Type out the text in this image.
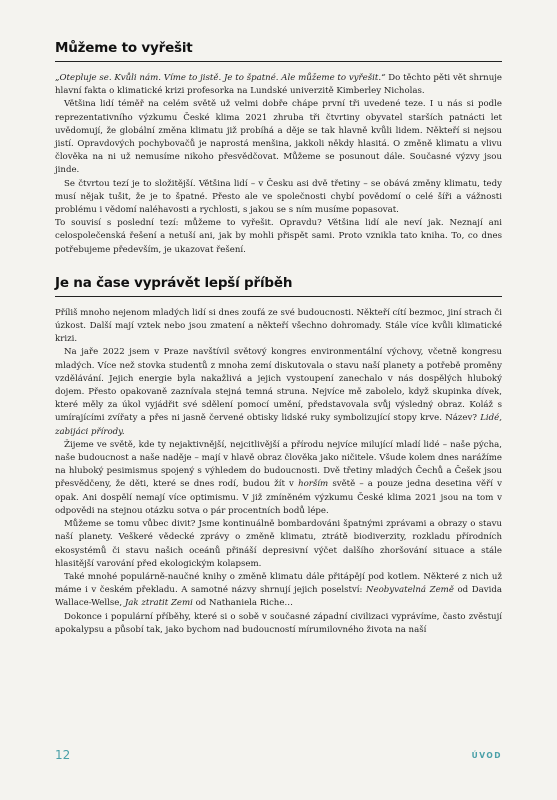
Můžeme to vyřešit

„Otepluje se. Kvůli nám. Víme to jistě. Je to špatné. Ale můžeme to vyřešit.“ Do těchto pěti vět shrnuje hlavní fakta o klimatické krizi profesorka na Lundské univerzitě Kimberley Nicholas.

Většina lidí téměř na celém světě už velmi dobře chápe první tři uvedené teze. I u nás si podle reprezentativního výzkumu České klima 2021 zhruba tři čtvrtiny obyvatel starších patnácti let uvědomují, že globální změna klimatu již probíhá a děje se tak hlavně kvůli lidem. Někteří si nejsou jistí. Opravdových pochybovačů je naprostá menšina, jakkoli někdy hlasitá. O změně klimatu a vlivu člověka na ni už nemusíme nikoho přesvědčovat. Můžeme se posunout dále. Současné výzvy jsou jinde.

Se čtvrtou tezí je to složitější. Většina lidí – v Česku asi dvě třetiny – se obává změny klimatu, tedy musí nějak tušit, že je to špatné. Přesto ale ve společnosti chybí povědomí o celé šíři a vážnosti problému i vědomí naléhavosti a rychlosti, s jakou se s ním musíme popasovat.

To souvisí s poslední tezí: můžeme to vyřešit. Opravdu? Většina lidí ale neví jak. Neznají ani celospolečenská řešení a netuší ani, jak by mohli přispět sami. Proto vznikla tato kniha. To, co dnes potřebujeme především, je ukazovat řešení.

Je na čase vyprávět lepší příběh

Příliš mnoho nejenom mladých lidí si dnes zoufá ze své budoucnosti. Někteří cítí bezmoc, jiní strach či úzkost. Další mají vztek nebo jsou zmatení a někteří všechno dohromady. Stále více kvůli klimatické krizi.

Na jaře 2022 jsem v Praze navštívil světový kongres environmentální výchovy, včetně kongresu mladých. Více než stovka studentů z mnoha zemí diskutovala o stavu naší planety a potřebě proměny vzdělávání. Jejich energie byla nakažlivá a jejich vystoupení zanechalo v nás dospělých hluboký dojem. Přesto opakovaně zaznívala stejná temná struna. Nejvíce mě zabolelo, když skupinka dívek, které měly za úkol vyjádřit své sdělení pomocí umění, představovala svůj výsledný obraz. Koláž s umírajícími zvířaty a přes ni jasně červené obtisky lidské ruky symbolizující stopy krve. Název? Lidé, zabijáci přírody.

Žijeme ve světě, kde ty nejaktivnější, nejcitlivější a přírodu nejvíce milující mladí lidé – naše pýcha, naše budoucnost a naše naděje – mají v hlavě obraz člověka jako ničitele. Všude kolem dnes narážíme na hluboký pesimismus spojený s výhledem do budoucnosti. Dvě třetiny mladých Čechů a Češek jsou přesvědčeny, že děti, které se dnes rodí, budou žít v horším světě – a pouze jedna desetina věří v opak. Ani dospělí nemají více optimismu. V již zmíněném výzkumu České klima 2021 jsou na tom v odpovědi na stejnou otázku sotva o pár procentních bodů lépe.

Můžeme se tomu vůbec divit? Jsme kontinuálně bombardováni špatnými zprávami a obrazy o stavu naší planety. Veškeré vědecké zprávy o změně klimatu, ztrátě biodiverzity, rozkladu přírodních ekosystémů či stavu našich oceánů přináší depresivní výčet dalšího zhoršování situace a stále hlasitější varování před ekologickým kolapsem.

Také mnohé populárně-naučné knihy o změně klimatu dále přitápějí pod kotlem. Některé z nich už máme i v českém překladu. A samotné názvy shrnují jejich poselství: Neobyvatelná Země od Davida Wallace-Wellse, Jak ztratit Zemi od Nathaniela Riche…

Dokonce i populární příběhy, které si o sobě v současné západní civilizaci vyprávíme, často zvěstují apokalypsu a působí tak, jako bychom nad budoucností mírumilovného života na naší

12	ÚVOD
